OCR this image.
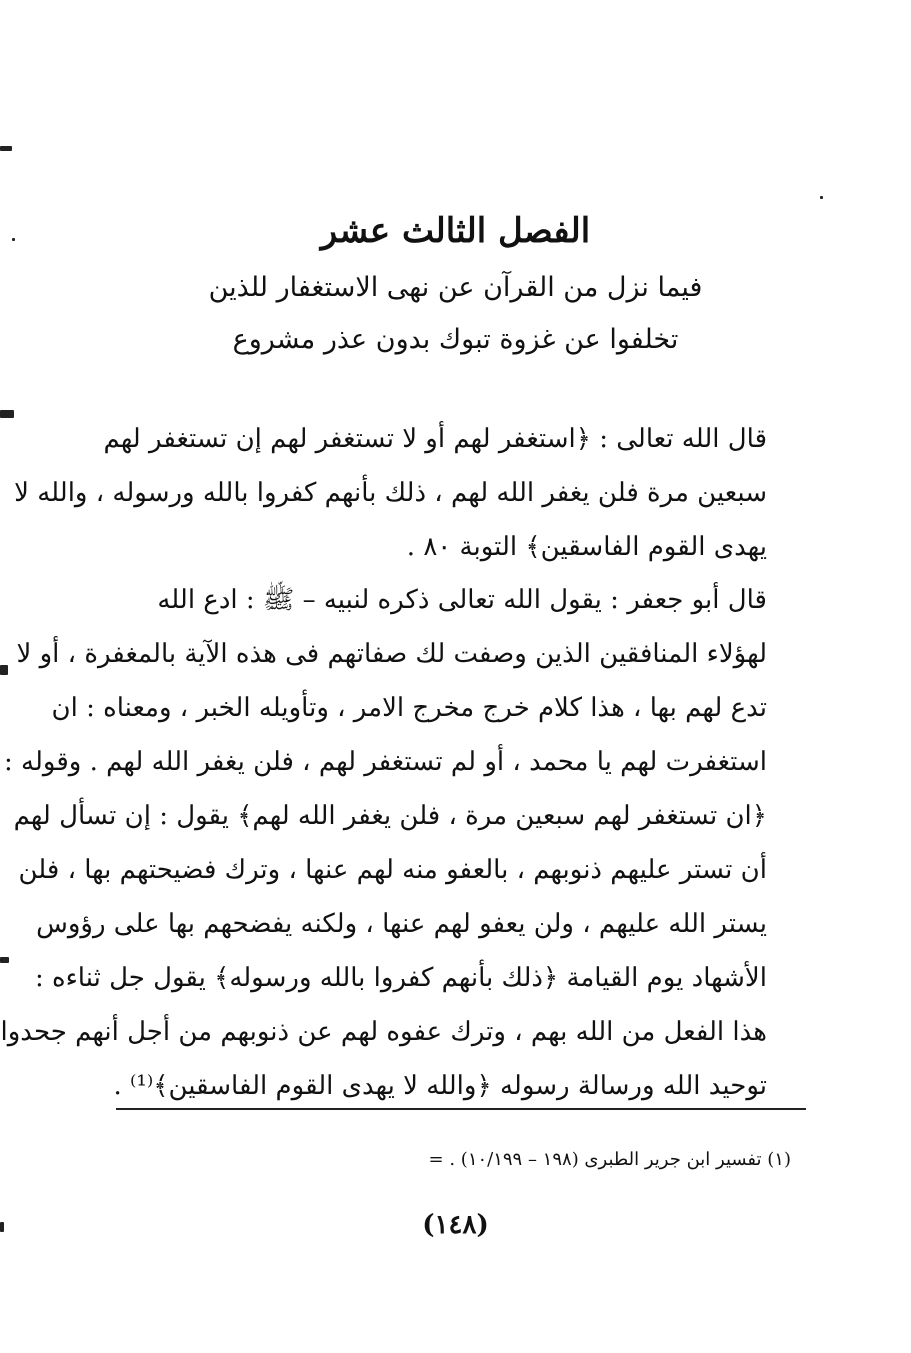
الفصل الثالث عشر
فيما نزل من القرآن عن نهى الاستغفار للذين
تخلفوا عن غزوة تبوك بدون عذر مشروع
قال الله تعالى : ﴿استغفر لهم أو لا تستغفر لهم إن تستغفر لهم
سبعين مرة فلن يغفر الله لهم ، ذلك بأنهم كفروا بالله ورسوله ، والله لا
يهدى القوم الفاسقين﴾ التوبة ٨٠ .
قال أبو جعفر : يقول الله تعالى ذكره لنبيه – ﷺ : ادع الله
لهؤلاء المنافقين الذين وصفت لك صفاتهم فى هذه الآية بالمغفرة ، أو لا
تدع لهم بها ، هذا كلام خرج مخرج الامر ، وتأويله الخبر ، ومعناه : ان
استغفرت لهم يا محمد ، أو لم تستغفر لهم ، فلن يغفر الله لهم . وقوله :
﴿ان تستغفر لهم سبعين مرة ، فلن يغفر الله لهم﴾ يقول : إن تسأل لهم
أن تستر عليهم ذنوبهم ، بالعفو منه لهم عنها ، وترك فضيحتهم بها ، فلن
يستر الله عليهم ، ولن يعفو لهم عنها ، ولكنه يفضحهم بها على رؤوس
الأشهاد يوم القيامة ﴿ذلك بأنهم كفروا بالله ورسوله﴾ يقول جل ثناءه :
هذا الفعل من الله بهم ، وترك عفوه لهم عن ذنوبهم من أجل أنهم جحدوا
توحيد الله ورسالة رسوله ﴿والله لا يهدى القوم الفاسقين﴾⁽¹⁾ .
(١) تفسير ابن جرير الطبرى (١٩٨ – ١٠/١٩٩) . =
(١٤٨)
